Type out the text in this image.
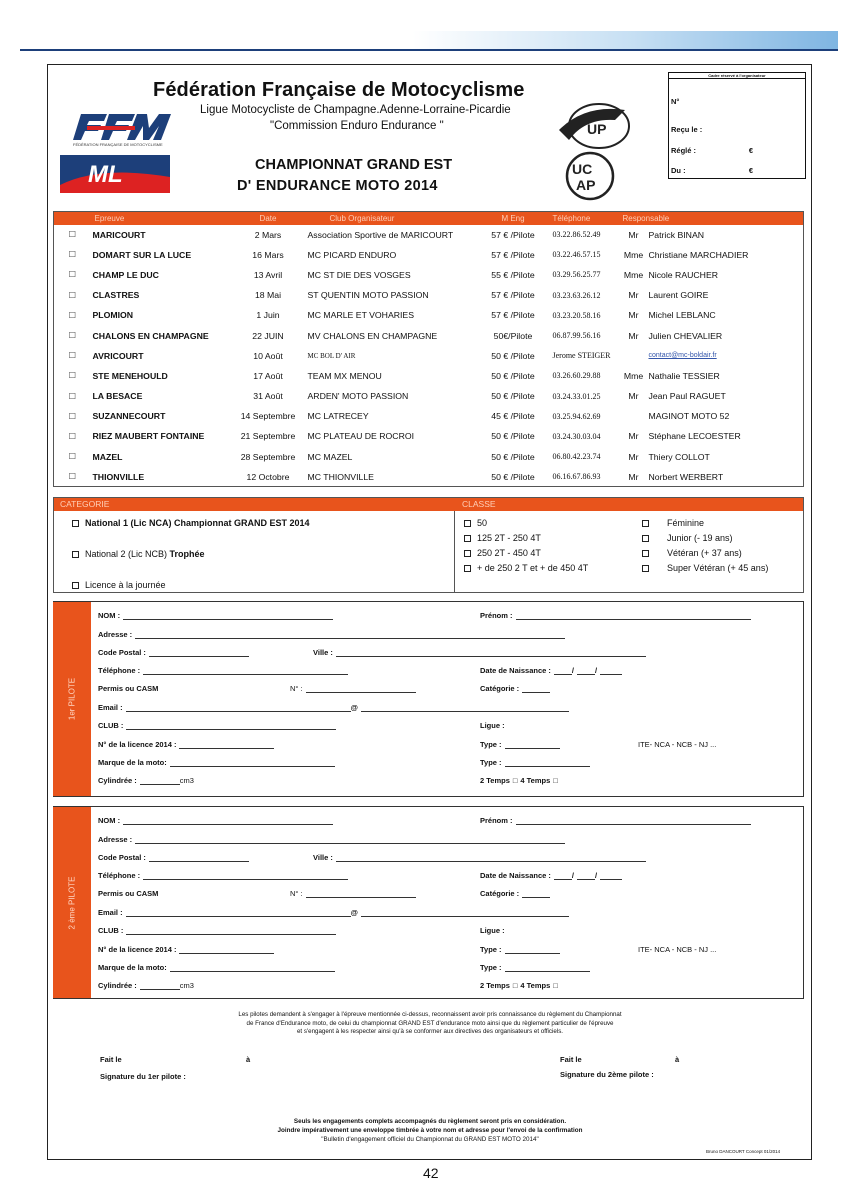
Fédération Française de Motocyclisme
Ligue Motocycliste de Champagne.Adenne-Lorraine-Picardie
"Commission Enduro Endurance "
CHAMPIONNAT GRAND EST
D' ENDURANCE MOTO 2014
FÉDÉRATION FRANÇAISE DE MOTOCYCLISME
ML
UP
UC
AP
Cadre réservé à l'organisateur
N°
Reçu le :
Réglé :	€
Du :	€
	Epreuve	Date	Club Organisateur	M Eng	Téléphone	Responsable	
□	MARICOURT	2 Mars	Association Sportive de MARICOURT	57 € /Pilote	03.22.86.52.49	Mr	Patrick BINAN
□	DOMART SUR LA LUCE	16 Mars	MC PICARD ENDURO	57 € /Pilote	03.22.46.57.15	Mme	Christiane MARCHADIER
□	CHAMP LE DUC	13 Avril	MC ST DIE DES VOSGES	55 € /Pilote	03.29.56.25.77	Mme	Nicole RAUCHER
□	CLASTRES	18 Mai	ST QUENTIN MOTO PASSION	57 € /Pilote	03.23.63.26.12	Mr	Laurent GOIRE
□	PLOMION	1 Juin	MC MARLE ET VOHARIES	57 € /Pilote	03.23.20.58.16	Mr	Michel LEBLANC
□	CHALONS EN CHAMPAGNE	22 JUIN	MV CHALONS EN CHAMPAGNE	50€/Pilote	06.87.99.56.16	Mr	Julien CHEVALIER
□	AVRICOURT	10 Août	MC BOL D' AIR	50 € /Pilote	Jerome STEIGER		contact@mc-boldair.fr
□	STE MENEHOULD	17 Août	TEAM MX MENOU	50 € /Pilote	03.26.60.29.88	Mme	Nathalie TESSIER
□	LA BESACE	31 Août	ARDEN' MOTO PASSION	50 € /Pilote	03.24.33.01.25	Mr	Jean Paul RAGUET
□	SUZANNECOURT	14 Septembre	MC LATRECEY	45 € /Pilote	03.25.94.62.69		MAGINOT MOTO 52
□	RIEZ MAUBERT FONTAINE	21 Septembre	MC PLATEAU DE ROCROI	50 € /Pilote	03.24.30.03.04	Mr	Stéphane LECOESTER
□	MAZEL	28 Septembre	MC MAZEL	50 € /Pilote	06.80.42.23.74	Mr	Thiery COLLOT
□	THIONVILLE	12 Octobre	MC THIONVILLE	50 € /Pilote	06.16.67.86.93	Mr	Norbert WERBERT
CATEGORIE	CLASSE
National 1 (Lic NCA) Championnat GRAND EST 2014
National 2 (Lic NCB) Trophée
Licence à la journée
50
125 2T - 250 4T
250 2T - 450 4T
+ de 250 2 T et + de 450 4T
Féminine
Junior (- 19 ans)
Vétéran (+ 37 ans)
Super Vétéran (+ 45 ans)
1er PILOTE
NOM :	Prénom :
Adresse :
Code Postal :	Ville :
Téléphone :	Date de Naissance :	/	/
Permis ou CASM	N° :	Catégorie :
Email :	@
CLUB :	Ligue :
N° de la licence 2014 :	Type :	ITE- NCA - NCB - NJ ...
Marque de la moto:	Type :
Cylindrée :	cm3	2 Temps □ 4 Temps □
2 ème PILOTE
NOM :	Prénom :
Adresse :
Code Postal :	Ville :
Téléphone :	Date de Naissance :	/	/
Permis ou CASM	N° :	Catégorie :
Email :	@
CLUB :	Ligue :
N° de la licence 2014 :	Type :	ITE- NCA - NCB - NJ ...
Marque de la moto:	Type :
Cylindrée :	cm3	2 Temps □ 4 Temps □
Les pilotes demandent à s'engager à l'épreuve mentionnée ci-dessus, reconnaissent avoir pris connaissance du règlement du Championnat
de France d'Endurance moto, de celui du championnat GRAND EST d'endurance moto ainsi que du règlement particulier de l'épreuve
et s'engagent à les respecter ainsi qu'à se conformer aux directives des organisateurs et officiels.
Fait le	à
Signature du 1er pilote :
Fait le	à
Signature du 2ème pilote :
Seuls les engagements complets accompagnés du règlement seront pris en considération.
Joindre impérativement une enveloppe timbrée à votre nom et adresse pour l'envoi de la confirmation
"Bulletin d'engagement officiel du Championnat du GRAND EST MOTO 2014"
Bruno DANCOURT Concept 01/2014
42
